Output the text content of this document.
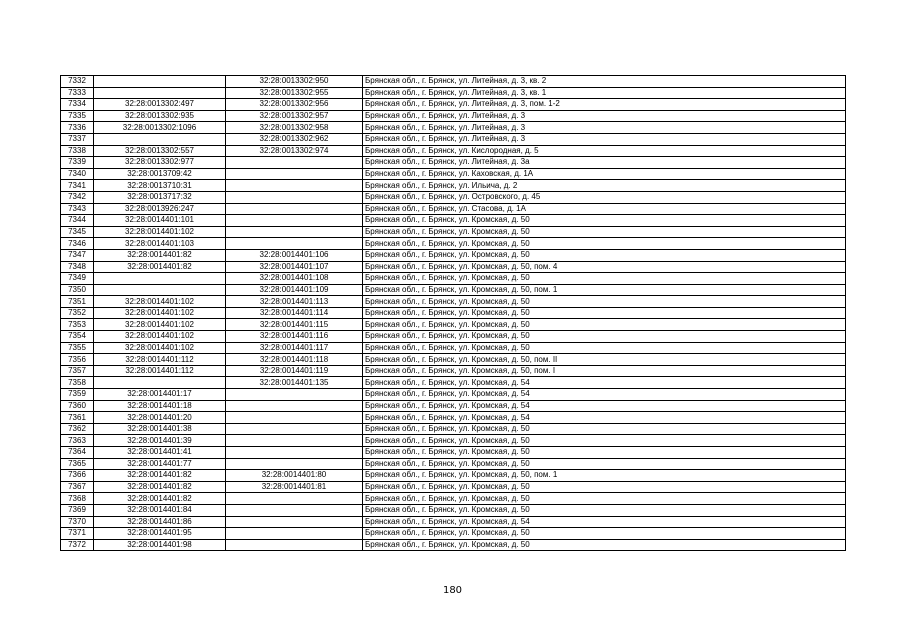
7332		32:28:0013302:950	Брянская обл., г. Брянск, ул. Литейная, д. 3, кв. 2
7333		32:28:0013302:955	Брянская обл., г. Брянск, ул. Литейная, д. 3, кв. 1
7334	32:28:0013302:497	32:28:0013302:956	Брянская обл., г. Брянск, ул. Литейная, д. 3, пом. 1-2
7335	32:28:0013302:935	32:28:0013302:957	Брянская обл., г. Брянск, ул. Литейная, д. 3
7336	32:28:0013302:1096	32:28:0013302:958	Брянская обл., г. Брянск, ул. Литейная, д. 3
7337		32:28:0013302:962	Брянская обл., г. Брянск, ул. Литейная, д. 3
7338	32:28:0013302:557	32:28:0013302:974	Брянская обл., г. Брянск, ул. Кислородная, д. 5
7339	32:28:0013302:977		Брянская обл., г. Брянск, ул. Литейная, д. 3а
7340	32:28:0013709:42		Брянская обл., г. Брянск, ул. Каховская, д. 1А
7341	32:28:0013710:31		Брянская обл., г. Брянск, ул. Ильича, д. 2
7342	32:28:0013717:32		Брянская обл., г. Брянск, ул. Островского, д. 45
7343	32:28:0013926:247		Брянская обл., г. Брянск, ул. Стасова, д. 1А
7344	32:28:0014401:101		Брянская обл., г. Брянск, ул. Кромская, д. 50
7345	32:28:0014401:102		Брянская обл., г. Брянск, ул. Кромская, д. 50
7346	32:28:0014401:103		Брянская обл., г. Брянск, ул. Кромская, д. 50
7347	32:28:0014401:82	32:28:0014401:106	Брянская обл., г. Брянск, ул. Кромская, д. 50
7348	32:28:0014401:82	32:28:0014401:107	Брянская обл., г. Брянск, ул. Кромская, д. 50, пом. 4
7349		32:28:0014401:108	Брянская обл., г. Брянск, ул. Кромская, д. 50
7350		32:28:0014401:109	Брянская обл., г. Брянск, ул. Кромская, д. 50, пом. 1
7351	32:28:0014401:102	32:28:0014401:113	Брянская обл., г. Брянск, ул. Кромская, д. 50
7352	32:28:0014401:102	32:28:0014401:114	Брянская обл., г. Брянск, ул. Кромская, д. 50
7353	32:28:0014401:102	32:28:0014401:115	Брянская обл., г. Брянск, ул. Кромская, д. 50
7354	32:28:0014401:102	32:28:0014401:116	Брянская обл., г. Брянск, ул. Кромская, д. 50
7355	32:28:0014401:102	32:28:0014401:117	Брянская обл., г. Брянск, ул. Кромская, д. 50
7356	32:28:0014401:112	32:28:0014401:118	Брянская обл., г. Брянск, ул. Кромская, д. 50, пом. II
7357	32:28:0014401:112	32:28:0014401:119	Брянская обл., г. Брянск, ул. Кромская, д. 50, пом. I
7358		32:28:0014401:135	Брянская обл., г. Брянск, ул. Кромская, д. 54
7359	32:28:0014401:17		Брянская обл., г. Брянск, ул. Кромская, д. 54
7360	32:28:0014401:18		Брянская обл., г. Брянск, ул. Кромская, д. 54
7361	32:28:0014401:20		Брянская обл., г. Брянск, ул. Кромская, д. 54
7362	32:28:0014401:38		Брянская обл., г. Брянск, ул. Кромская, д. 50
7363	32:28:0014401:39		Брянская обл., г. Брянск, ул. Кромская, д. 50
7364	32:28:0014401:41		Брянская обл., г. Брянск, ул. Кромская, д. 50
7365	32:28:0014401:77		Брянская обл., г. Брянск, ул. Кромская, д. 50
7366	32:28:0014401:82	32:28:0014401:80	Брянская обл., г. Брянск, ул. Кромская, д. 50, пом. 1
7367	32:28:0014401:82	32:28:0014401:81	Брянская обл., г. Брянск, ул. Кромская, д. 50
7368	32:28:0014401:82		Брянская обл., г. Брянск, ул. Кромская, д. 50
7369	32:28:0014401:84		Брянская обл., г. Брянск, ул. Кромская, д. 50
7370	32:28:0014401:86		Брянская обл., г. Брянск, ул. Кромская, д. 54
7371	32:28:0014401:95		Брянская обл., г. Брянск, ул. Кромская, д. 50
7372	32:28:0014401:98		Брянская обл., г. Брянск, ул. Кромская, д. 50
180
